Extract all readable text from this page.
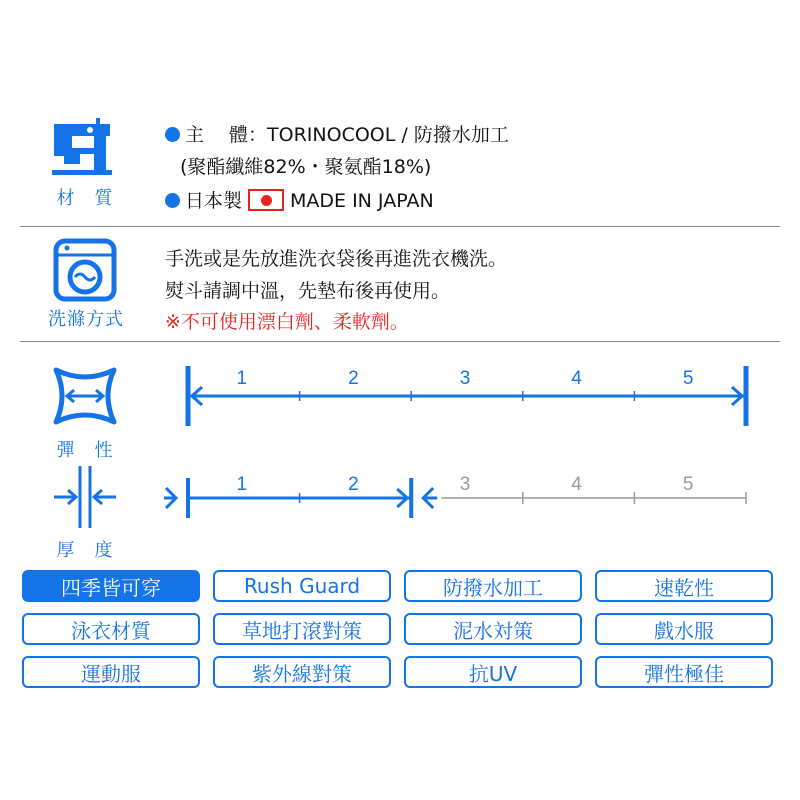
材　質
主　 體：TORINOCOOL / 防撥水加工
(聚酯纖維82%・聚氨酯18%)
日本製	MADE IN JAPAN
洗滌方式
手洗或是先放進洗衣袋後再進洗衣機洗。
熨斗請調中溫，先墊布後再使用。
※不可使用漂白劑、柔軟劑。
彈　性
1	2	3	4	5
厚　度
1	2	3	4	5
四季皆可穿	Rush Guard	防撥水加工	速乾性
泳衣材質	草地打滾對策	泥水対策	戲水服
運動服	紫外線對策	抗UV	彈性極佳
